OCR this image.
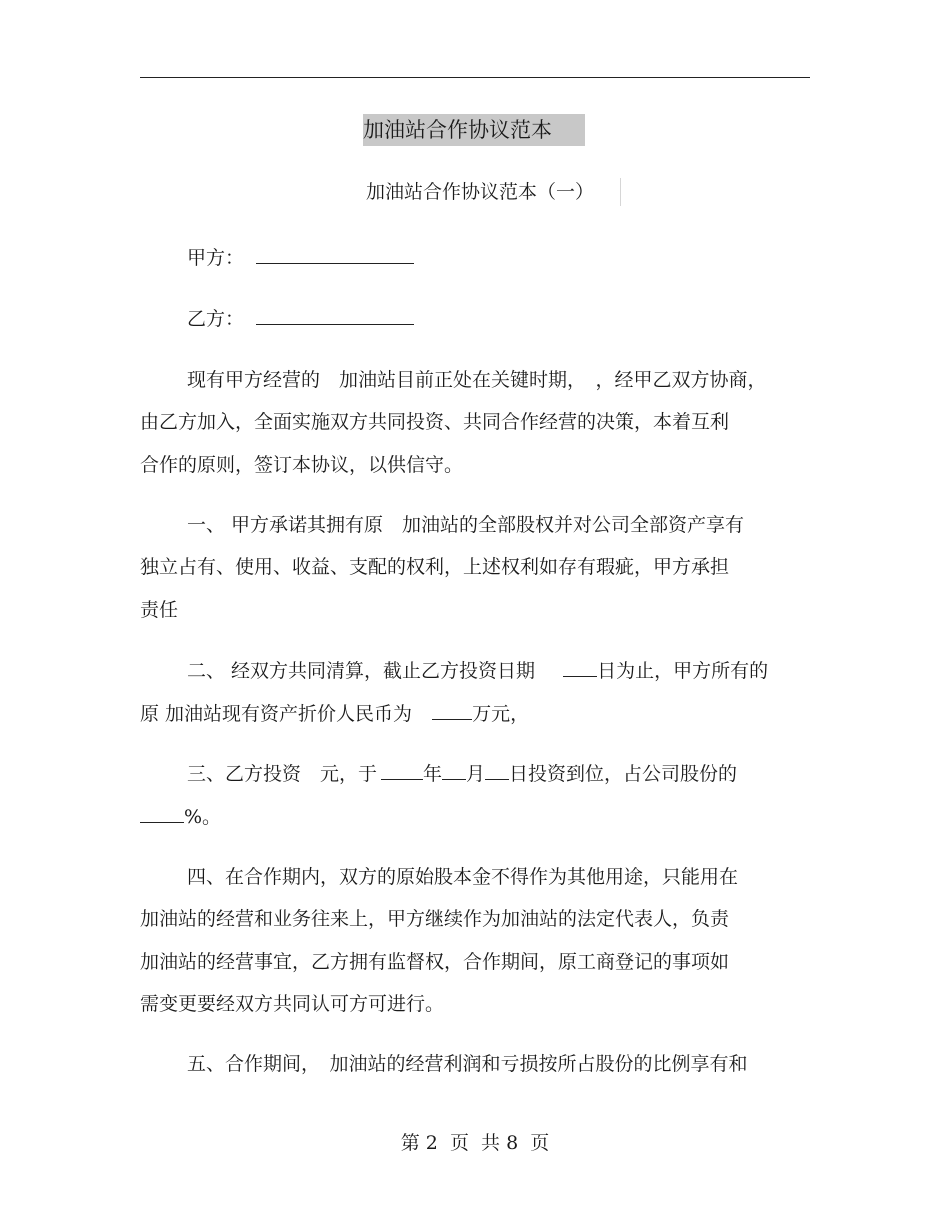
加油站合作协议范本
加油站合作协议范本（一）
甲方：
乙方：
现有甲方经营的　加油站目前正处在关键时期，　，经甲乙双方协商，
由乙方加入，全面实施双方共同投资、共同合作经营的决策，本着互利
合作的原则，签订本协议，以供信守。
一、 甲方承诺其拥有原　加油站的全部股权并对公司全部资产享有
独立占有、使用、收益、支配的权利，上述权利如存有瑕疵，甲方承担
责任
二、 经双方共同清算，截止乙方投资日期	日为止，甲方所有的
原 加油站现有资产折价人民币为	万元，
三、乙方投资　元，于 年 月 日投资到位，占公司股份的
%。
四、在合作期内，双方的原始股本金不得作为其他用途，只能用在
加油站的经营和业务往来上，甲方继续作为加油站的法定代表人，负责
加油站的经营事宜，乙方拥有监督权，合作期间，原工商登记的事项如
需变更要经双方共同认可方可进行。
五、合作期间，　加油站的经营利润和亏损按所占股份的比例享有和
第 2  页  共 8  页
